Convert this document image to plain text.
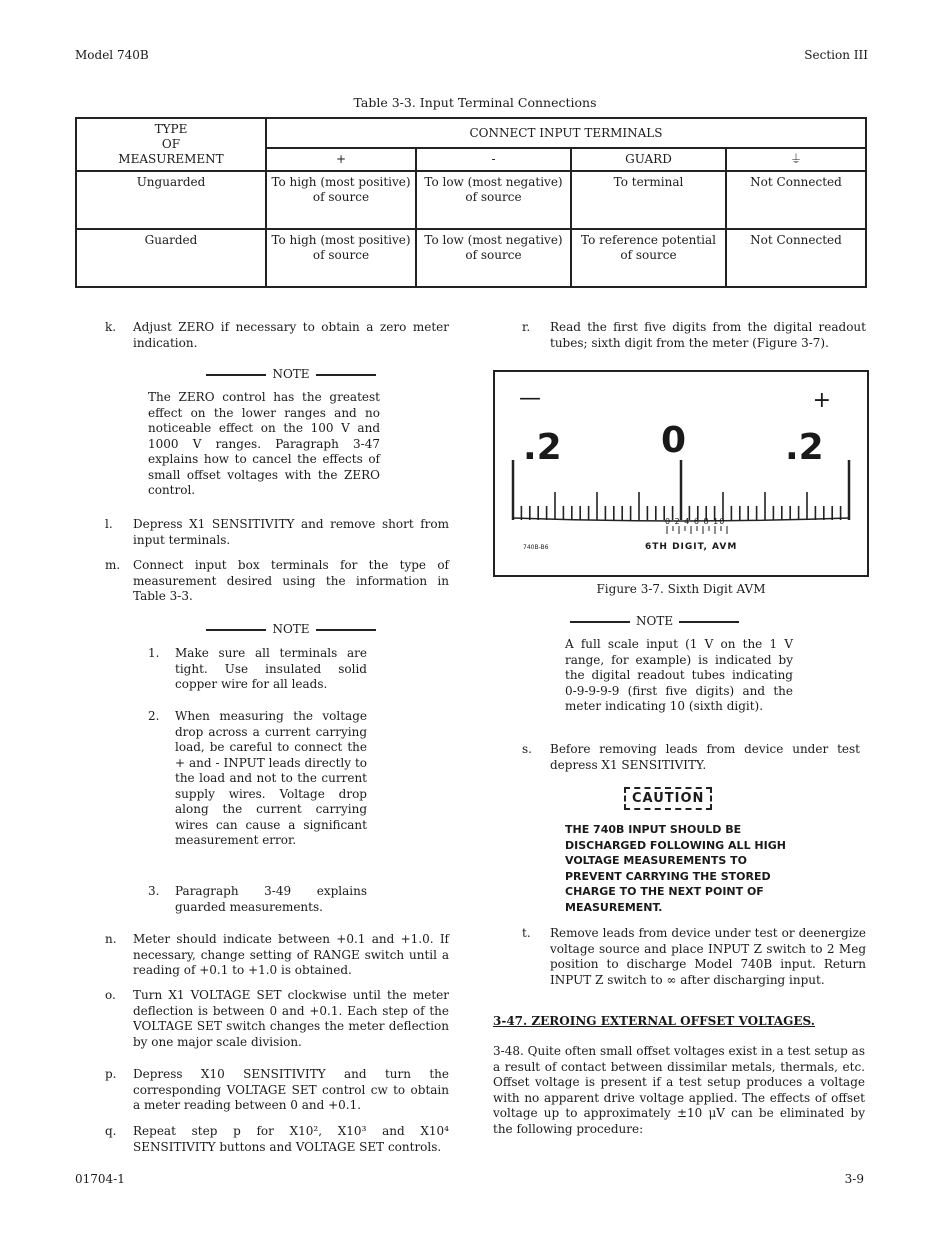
Model 740B	Section III
Table 3-3. Input Terminal Connections
TYPE
OF
MEASUREMENT	CONNECT INPUT TERMINALS			
	+	-	GUARD	⏚
Unguarded	To high (most positive) of source	To low (most negative) of source	To terminal	Not Connected
Guarded	To high (most positive) of source	To low (most negative) of source	To reference potential of source	Not Connected
k. Adjust ZERO if necessary to obtain a zero meter indication.
NOTE
The ZERO control has the greatest effect on the lower ranges and no noticeable effect on the 100 V and 1000 V ranges. Paragraph 3-47 explains how to cancel the effects of small offset voltages with the ZERO control.
l. Depress X1 SENSITIVITY and remove short from input terminals.
m. Connect input box terminals for the type of measurement desired using the information in Table 3-3.
NOTE
1. Make sure all terminals are tight. Use insulated solid copper wire for all leads.
2. When measuring the voltage drop across a current carrying load, be careful to connect the + and - INPUT leads directly to the load and not to the current supply wires. Voltage drop along the current carrying wires can cause a significant measurement error.
3. Paragraph 3-49 explains guarded measurements.
n. Meter should indicate between +0.1 and +1.0. If necessary, change setting of RANGE switch until a reading of +0.1 to +1.0 is obtained.
o. Turn X1 VOLTAGE SET clockwise until the meter deflection is between 0 and +0.1. Each step of the VOLTAGE SET switch changes the meter deflection by one major scale division.
p. Depress X10 SENSITIVITY and turn the corresponding VOLTAGE SET control cw to obtain a meter reading between 0 and +0.1.
q. Repeat step p for X10², X10³ and X10⁴ SENSITIVITY buttons and VOLTAGE SET controls.
r. Read the first five digits from the digital readout tubes; sixth digit from the meter (Figure 3-7).
—	+
.2	0	.2
0 2 4 6 8 10
740B-B6	6TH DIGIT, AVM
Figure 3-7. Sixth Digit AVM
NOTE
A full scale input (1 V on the 1 V range, for example) is indicated by the digital readout tubes indicating 0-9-9-9-9 (first five digits) and the meter indicating 10 (sixth digit).
s. Before removing leads from device under test depress X1 SENSITIVITY.
CAUTION
THE 740B INPUT SHOULD BE DISCHARGED FOLLOWING ALL HIGH VOLTAGE MEASUREMENTS TO PREVENT CARRYING THE STORED CHARGE TO THE NEXT POINT OF MEASUREMENT.
t. Remove leads from device under test or deenergize voltage source and place INPUT Z switch to 2 Meg position to discharge Model 740B input. Return INPUT Z switch to ∞ after discharging input.
3-47. ZEROING EXTERNAL OFFSET VOLTAGES.
3-48. Quite often small offset voltages exist in a test setup as a result of contact between dissimilar metals, thermals, etc. Offset voltage is present if a test setup produces a voltage with no apparent drive voltage applied. The effects of offset voltage up to approximately ±10 μV can be eliminated by the following procedure:
01704-1	3-9
